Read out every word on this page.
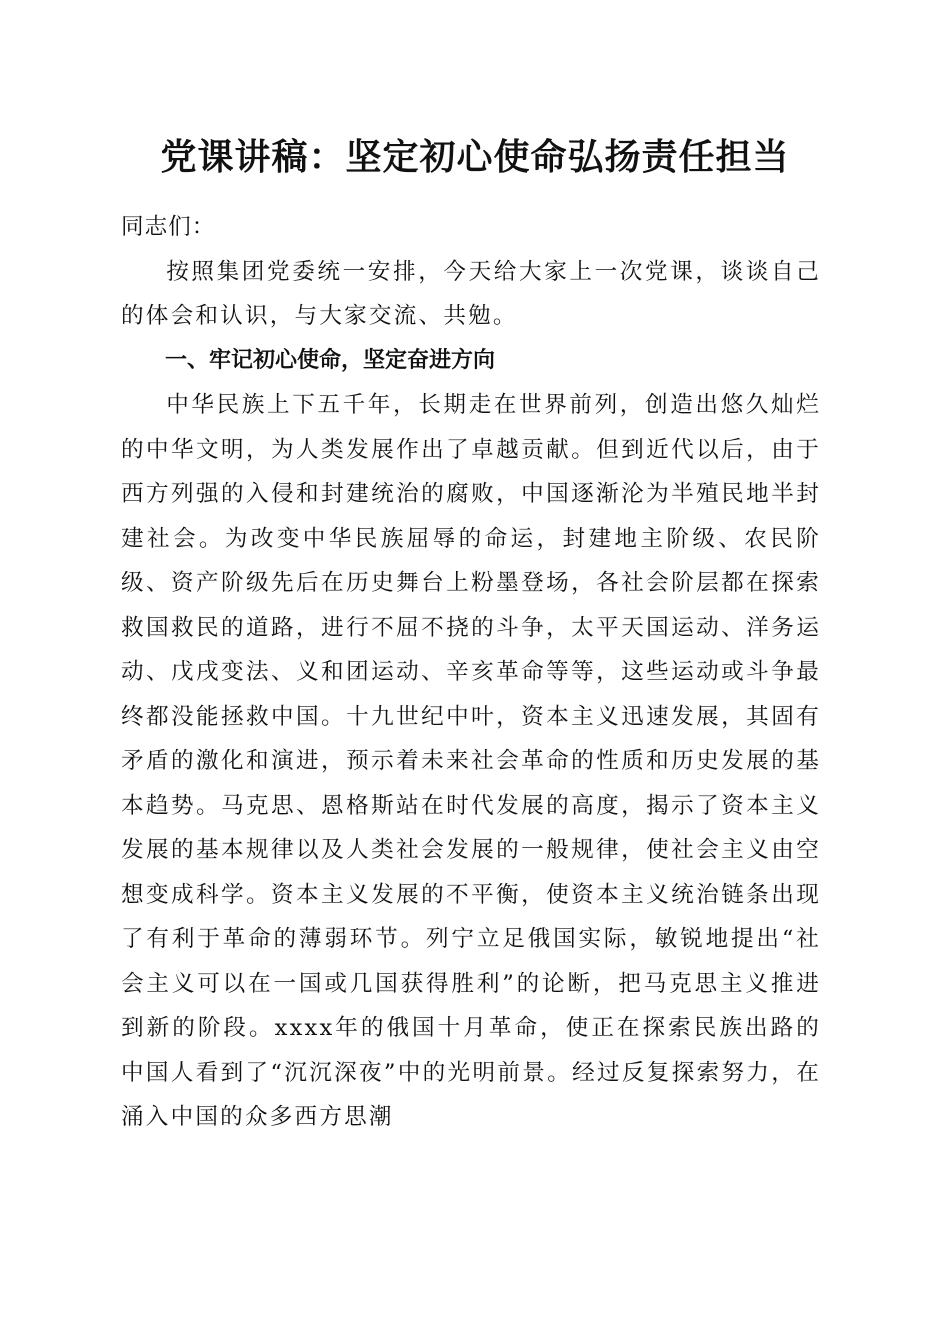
党课讲稿：坚定初心使命弘扬责任担当

同志们：

按照集团党委统一安排，今天给大家上一次党课，谈谈自己的体会和认识，与大家交流、共勉。

一、牢记初心使命，坚定奋进方向

中华民族上下五千年，长期走在世界前列，创造出悠久灿烂的中华文明，为人类发展作出了卓越贡献。但到近代以后，由于西方列强的入侵和封建统治的腐败，中国逐渐沦为半殖民地半封建社会。为改变中华民族屈辱的命运，封建地主阶级、农民阶级、资产阶级先后在历史舞台上粉墨登场，各社会阶层都在探索救国救民的道路，进行不屈不挠的斗争，太平天国运动、洋务运动、戊戌变法、义和团运动、辛亥革命等等，这些运动或斗争最终都没能拯救中国。十九世纪中叶，资本主义迅速发展，其固有矛盾的激化和演进，预示着未来社会革命的性质和历史发展的基本趋势。马克思、恩格斯站在时代发展的高度，揭示了资本主义发展的基本规律以及人类社会发展的一般规律，使社会主义由空想变成科学。资本主义发展的不平衡，使资本主义统治链条出现了有利于革命的薄弱环节。列宁立足俄国实际，敏锐地提出“社会主义可以在一国或几国获得胜利”的论断，把马克思主义推进到新的阶段。xxxx年的俄国十月革命，使正在探索民族出路的中国人看到了“沉沉深夜”中的光明前景。经过反复探索努力，在涌入中国的众多西方思潮
